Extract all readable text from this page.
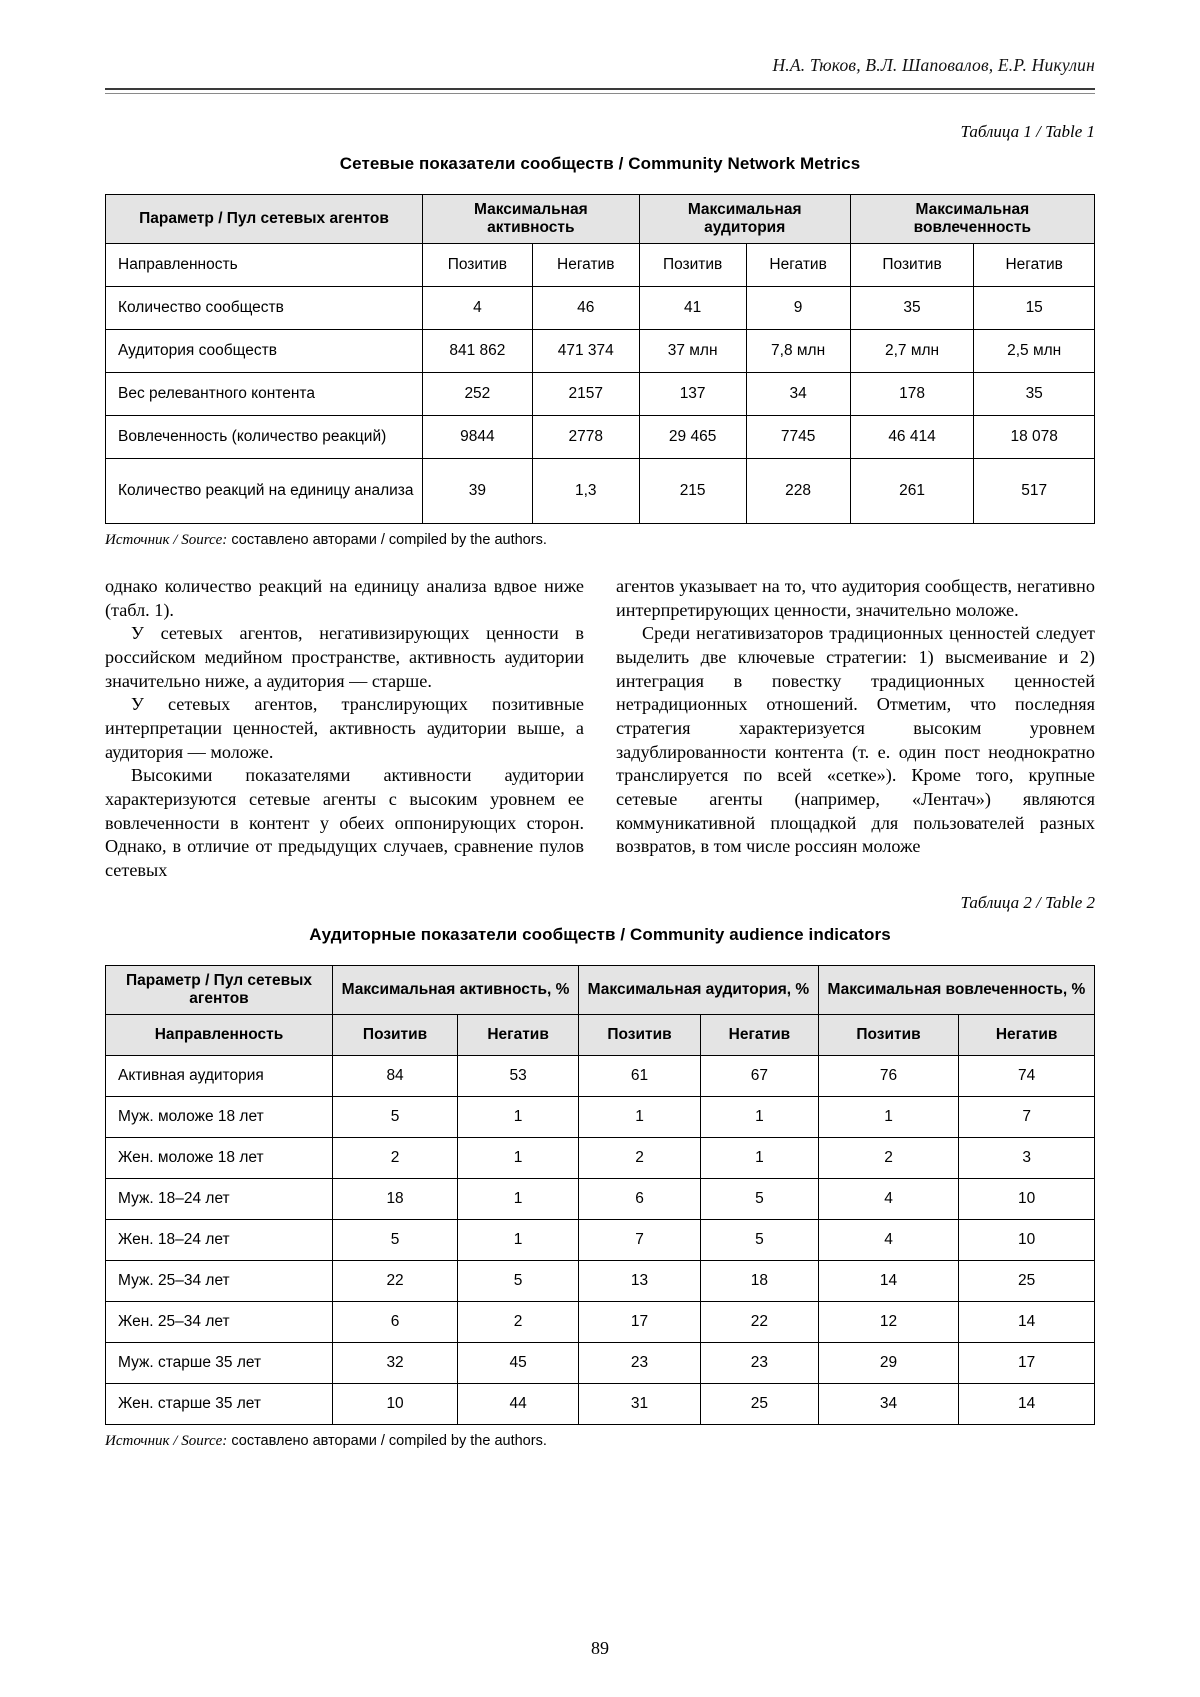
Н.А. Тюков, В.Л. Шаповалов, Е.Р. Никулин
Таблица 1 / Table 1
Сетевые показатели сообществ / Community Network Metrics
Параметр / Пул сетевых агентов	Максимальная активность		Максимальная аудитория		Максимальная вовлеченность	
Направленность	Позитив	Негатив	Позитив	Негатив	Позитив	Негатив
Количество сообществ	4	46	41	9	35	15
Аудитория сообществ	841 862	471 374	37 млн	7,8 млн	2,7 млн	2,5 млн
Вес релевантного контента	252	2157	137	34	178	35
Вовлеченность (количество реакций)	9844	2778	29 465	7745	46 414	18 078
Количество реакций на единицу анализа	39	1,3	215	228	261	517

Источник / Source: составлено авторами / compiled by the authors.

однако количество реакций на единицу анализа вдвое ниже (табл. 1).

У сетевых агентов, негативизирующих ценности в российском медийном пространстве, активность аудитории значительно ниже, а аудитория — старше.

У сетевых агентов, транслирующих позитивные интерпретации ценностей, активность аудитории выше, а аудитория — моложе.

Высокими показателями активности аудитории характеризуются сетевые агенты с высоким уровнем ее вовлеченности в контент у обеих оппонирующих сторон. Однако, в отличие от предыдущих случаев, сравнение пулов сетевых

агентов указывает на то, что аудитория сообществ, негативно интерпретирующих ценности, значительно моложе.

Среди негативизаторов традиционных ценностей следует выделить две ключевые стратегии: 1) высмеивание и 2) интеграция в повестку традиционных ценностей нетрадиционных отношений. Отметим, что последняя стратегия характеризуется высоким уровнем задублированности контента (т. е. один пост неоднократно транслируется по всей «сетке»). Кроме того, крупные сетевые агенты (например, «Лентач») являются коммуникативной площадкой для пользователей разных возвратов, в том числе россиян моложе

Таблица 2 / Table 2
Аудиторные показатели сообществ / Community audience indicators
Параметр / Пул сетевых агентов	Максимальная активность, %		Максимальная аудитория, %		Максимальная вовлеченность, %	
Направленность	Позитив	Негатив	Позитив	Негатив	Позитив	Негатив
Активная аудитория	84	53	61	67	76	74
Муж. моложе 18 лет	5	1	1	1	1	7
Жен. моложе 18 лет	2	1	2	1	2	3
Муж. 18–24 лет	18	1	6	5	4	10
Жен. 18–24 лет	5	1	7	5	4	10
Муж. 25–34 лет	22	5	13	18	14	25
Жен. 25–34 лет	6	2	17	22	12	14
Муж. старше 35 лет	32	45	23	23	29	17
Жен. старше 35 лет	10	44	31	25	34	14

Источник / Source: составлено авторами / compiled by the authors.

89
